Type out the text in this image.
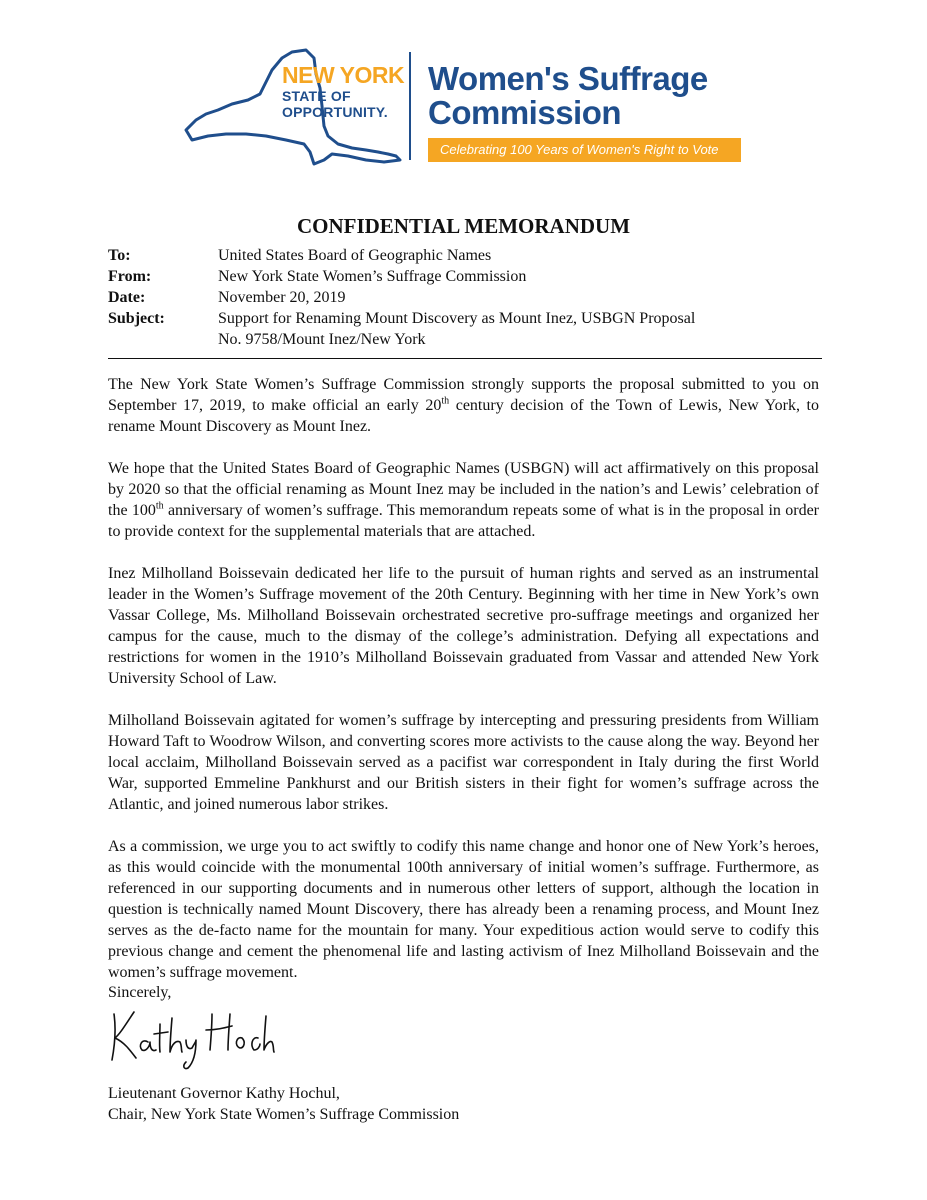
NEW YORK
STATE OF
OPPORTUNITY.
Women's Suffrage
Commission
Celebrating 100 Years of Women's Right to Vote
CONFIDENTIAL MEMORANDUM
To:	United States Board of Geographic Names
From:	New York State Women’s Suffrage Commission
Date:	November 20, 2019
Subject:	Support for Renaming Mount Discovery as Mount Inez, USBGN Proposal
No. 9758/Mount Inez/New York

The New York State Women’s Suffrage Commission strongly supports the proposal submitted to you on September 17, 2019, to make official an early 20th century decision of the Town of Lewis, New York, to rename Mount Discovery as Mount Inez.

We hope that the United States Board of Geographic Names (USBGN) will act affirmatively on this proposal by 2020 so that the official renaming as Mount Inez may be included in the nation’s and Lewis’ celebration of the 100th anniversary of women’s suffrage. This memorandum repeats some of what is in the proposal in order to provide context for the supplemental materials that are attached.

Inez Milholland Boissevain dedicated her life to the pursuit of human rights and served as an instrumental leader in the Women’s Suffrage movement of the 20th Century. Beginning with her time in New York’s own Vassar College, Ms. Milholland Boissevain orchestrated secretive pro-suffrage meetings and organized her campus for the cause, much to the dismay of the college’s administration. Defying all expectations and restrictions for women in the 1910’s Milholland Boissevain graduated from Vassar and attended New York University School of Law.

Milholland Boissevain agitated for women’s suffrage by intercepting and pressuring presidents from William Howard Taft to Woodrow Wilson, and converting scores more activists to the cause along the way. Beyond her local acclaim, Milholland Boissevain served as a pacifist war correspondent in Italy during the first World War, supported Emmeline Pankhurst and our British sisters in their fight for women’s suffrage across the Atlantic, and joined numerous labor strikes.

As a commission, we urge you to act swiftly to codify this name change and honor one of New York’s heroes, as this would coincide with the monumental 100th anniversary of initial women’s suffrage. Furthermore, as referenced in our supporting documents and in numerous other letters of support, although the location in question is technically named Mount Discovery, there has already been a renaming process, and Mount Inez serves as the de-facto name for the mountain for many. Your expeditious action would serve to codify this previous change and cement the phenomenal life and lasting activism of Inez Milholland Boissevain and the women’s suffrage movement.

Sincerely,
Lieutenant Governor Kathy Hochul,
Chair, New York State Women’s Suffrage Commission
